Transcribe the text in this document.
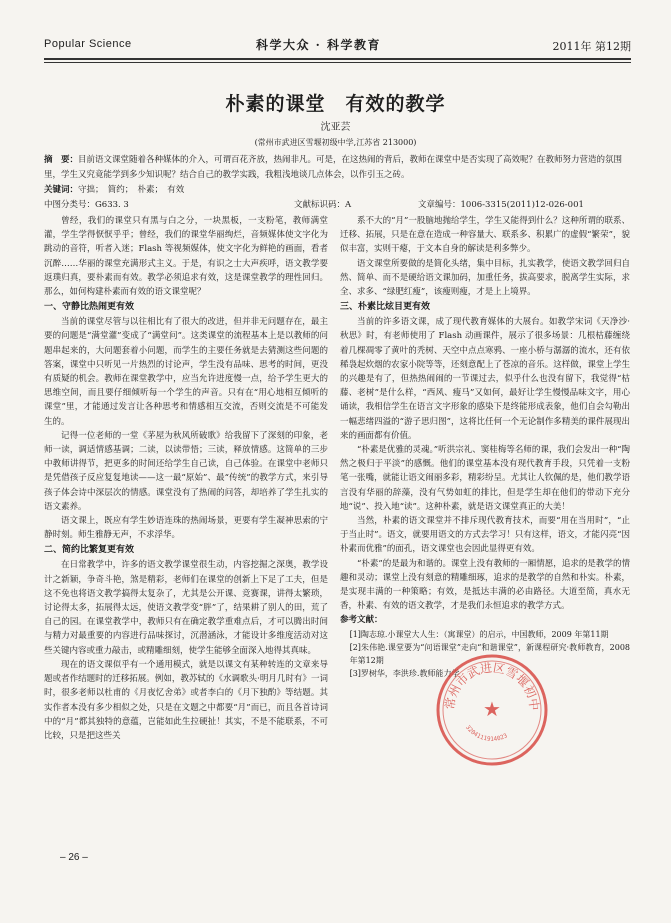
Popular Science	科学大众 · 科学教育	2011年 第12期
朴素的课堂　有效的教学
沈亚芸
(常州市武进区雪堰初级中学,江苏省 213000)
摘　要：目前语文课堂随着各种媒体的介入，可谓百花齐放，热闹非凡。可是，在这热闹的背后，教师在课堂中是否实现了高效呢？在教师努力营造的氛围里，学生又究竟能学到多少知识呢？结合自己的教学实践，我粗浅地谈几点体会，以作引玉之砖。
关键词：守拙；　简约；　朴素；　有效
中图分类号：G633. 3	文献标识码：A	文章编号：1006-3315(2011)12-026-001

曾经，我们的课堂只有黑与白之分，一块黑板，一支粉笔，教师满堂灌，学生学得恹恹乎乎；曾经，我们的课堂华丽绚烂，音频媒体使文字化为跳动的音符，听者入迷；Flash 等视频媒体，使文字化为鲜艳的画面，看者沉醉……华丽的课堂充满形式主义。于是，有识之士大声疾呼，语文教学要返璞归真，要朴素而有效。教学必须追求有效，这是课堂教学的理性回归。那么，如何构建朴素而有效的语文课堂呢？

一、守静比热闹更有效

当前的课堂尽管与以往相比有了很大的改进，但并非无问题存在，最主要的问题是“满堂灌”变成了“满堂问”。这类课堂的流程基本上是以教师的问题串起来的，大问题套着小问题，而学生的主要任务就是去猜测这些问题的答案，课堂中只听见一片热烈的讨论声，学生没有品味、思考的时间，更没有质疑的机会。教师在课堂教学中，应当允许进度慢一点，给予学生更大的思维空间，而且要仔细倾听每一个学生的声音。只有在“用心地相互倾听的课堂”里，才能通过发言让各种思考和情感相互交流，否则交流是不可能发生的。

记得一位老师的一堂《茅屋为秋风所破歌》给我留下了深刻的印象，老师一读，调适情感基调；二读，以读带悟；三读，释放情感。这简单的三步中教师讲得节，把更多的时间还给学生自己读，自己体验。在课堂中老师只是凭借孩子反应复复地读——这一最“原始”、最“传统”的教学方式，来引导孩子体会诗中深层次的情感。课堂没有了热闹的问答，却培养了学生扎实的语文素养。

语文课上，既应有学生妙语连珠的热闹场景，更要有学生凝神思索的宁静时刻。师生雅静无声，不求浮华。

二、简约比繁复更有效

在日常教学中，许多的语文教学课堂很生动，内容挖掘之深奥，教学设计之新颖，争奇斗艳，煞是精彩，老师们在课堂的创新上下足了工夫，但是这不免也将语文教学搞得太复杂了，尤其是公开课、竞赛课，讲得太繁琐，讨论得太多，拓展得太远，使语文教学变“胖”了，结果耕了别人的田，荒了自己的园。在课堂教学中，教师只有在确定教学重难点后，才可以腾出时间与精力对最重要的内容进行品味探讨，沉潜涵泳，才能设计多维度活动对这些关键内容或重力敲击，或精雕细刻，使学生能够全面深入地得其真味。

现在的语文课似乎有一个通用模式，就是以课文有某种转连的文章来导题或者作结题时的迁移拓展。例如，教苏轼的《水调歌头·明月几时有》一词时，很多老师以杜甫的《月夜忆舍弟》或者李白的《月下独酌》等结题。其实作者本没有多少相似之处，只是在文题之中都要“月”而已，而且各首诗词中的“月”都其独特的意蕴，岂能如此生拉硬扯！其实，不是不能联系，不可比较，只是把这些关

系不大的“月”一股脑地抛给学生，学生又能得到什么？这种所谓的联系、迁移、拓展，只是在意在造成一种容量大、联系多、积累广的虚假“繁荣”，貌似丰富，实则干瘪，于文本自身的解读是利多弊少。

语文课堂所要做的是简化头绪，集中目标，扎实教学，使语文教学回归自然、简单、而不是硬给语文课加码，加重任务，拔高要求，脱离学生实际，求全、求多、“绿肥红瘦”，该瘦则瘦，才是上上境界。

三、朴素比炫目更有效

当前的许多语文课，成了现代教育媒体的大展台。如教学宋词《天净沙·秋思》时，有老师使用了 Flash 动画课件，展示了很多场景：几根枯藤缠绕着几棵凋零了黄叶的秃树、天空中点点寒鸦、一座小桥与潺潺的流水，还有依稀袅起炊烟的农家小院等等，还刻意配上了苍凉的音乐。这样做，课堂上学生的兴趣是有了，但热热闹闹的一节课过去，似乎什么也没有留下，我觉得“枯藤、老树”是什么样，“西风、瘦马”又如何，最好让学生慢慢品味文字，用心诵读，我相信学生在语言文字形象的感染下是终能形成表象，他们自会勾勒出一幅悲绪四溢的“游子思归图”，这将比任何一个无论制作多精美的课件展现出来的画面都有价值。

“朴素是优雅的灵魂。”听洪宗礼、窦桂梅等名师的课，我们会发出一种“陶然之极归于平淡”的感慨。他们的课堂基本没有现代教育手段，只凭着一支粉笔一张嘴，就能让语文闹丽多彩，精彩纷呈。尤其让人钦佩的是，他们教学语言没有华丽的辞藻，没有气势如虹的排比，但是学生却在他们的带动下充分地“说”、投入地“读”。这种朴素，就是语文课堂真正的大美！

当然，朴素的语文课堂并不排斥现代教育技术，而要“用在当用时”，“止于当止时”。语文，就要用语文的方式去学习！只有这样，语文，才能闪亮“因朴素而优雅”的面孔，语文课堂也会因此显得更有效。

“朴素”的是最为和谐的。课堂上没有教师的一厢情愿，追求的是教学的情趣和灵动；课堂上没有刻意的精雕细琢，追求的是教学的自然和朴实。朴素，是实现丰满的一种策略；有效，是抵达丰满的必由路径。大道至简，真水无香，朴素、有效的语文教学，才是我们永恒追求的教学方式。

参考文献：

[1]陶志琼.小课堂大人生：（寓课堂）的启示，中国教师，2009 年第11期

[2]朱伟艳.课堂要为“问语课堂”走向“和谐课堂”，新课程研究·教师教育，2008 年第12期

[3]罗树华，李洪珍.教师能力学

– 26 –
常州市武进区雪堰初中
★
3204111914023
